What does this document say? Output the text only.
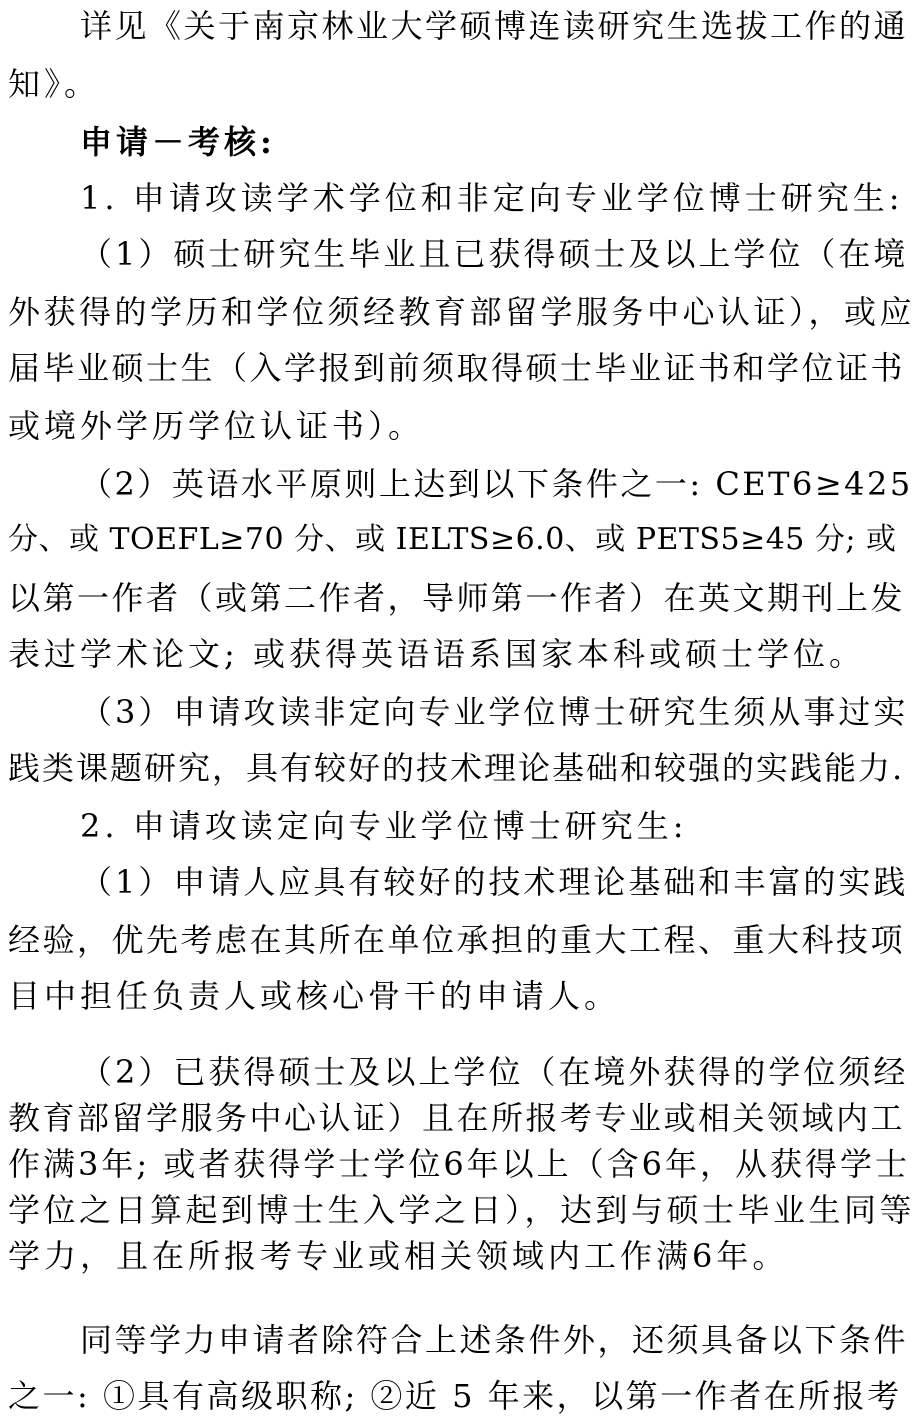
详见《关于南京林业大学硕博连读研究生选拔工作的通
知》。
申请－考核:
1. 申请攻读学术学位和非定向专业学位博士研究生:
（1）硕士研究生毕业且已获得硕士及以上学位（在境
外获得的学历和学位须经教育部留学服务中心认证），或应
届毕业硕士生（入学报到前须取得硕士毕业证书和学位证书
或境外学历学位认证书）。
（2）英语水平原则上达到以下条件之一: CET6≥425
分、或 TOEFL≥70 分、或 IELTS≥6.0、或 PETS5≥45 分; 或
以第一作者（或第二作者，导师第一作者）在英文期刊上发
表过学术论文; 或获得英语语系国家本科或硕士学位。
（3）申请攻读非定向专业学位博士研究生须从事过实
践类课题研究，具有较好的技术理论基础和较强的实践能力.
2. 申请攻读定向专业学位博士研究生:
（1）申请人应具有较好的技术理论基础和丰富的实践
经验，优先考虑在其所在单位承担的重大工程、重大科技项
目中担任负责人或核心骨干的申请人。
（2）已获得硕士及以上学位（在境外获得的学位须经
教育部留学服务中心认证）且在所报考专业或相关领域内工
作满3年; 或者获得学士学位6年以上（含6年，从获得学士
学位之日算起到博士生入学之日），达到与硕士毕业生同等
学力，且在所报考专业或相关领域内工作满6年。
同等学力申请者除符合上述条件外，还须具备以下条件
之一: ①具有高级职称; ②近 5 年来，以第一作者在所报考
